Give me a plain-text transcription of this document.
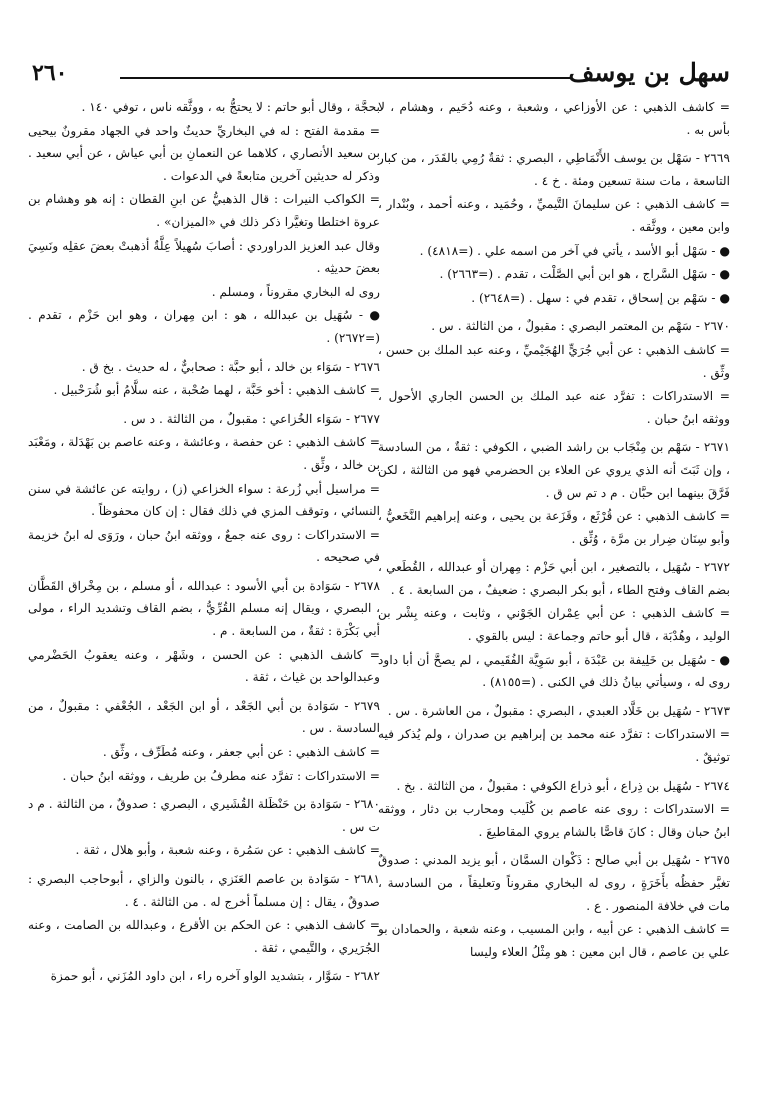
سهل بن يوسف
٢٦٠

= كاشف الذهبي : عن الأوزاعي ، وشعبة ، وعنه دُحَيم ، وهشام ، لا بأس به .

٢٦٦٩ - سَهْل بن يوسف الأَنْمَاطِي ، البصري : ثقةٌ رُمِي بالقَدَر ، من كبار التاسعة ، مات سنة تسعين ومئة . خ ٤ .

= كاشف الذهبي : عن سليمانَ التَّيميِّ ، وحُمَيد ، وعنه أحمد ، وبُنْدار ، وابن معين ، ووثَّقه .

● - سَهْل أبو الأسد ، يأتي في آخر من اسمه علي . (=٤٨١٨) .

● - سَهْل السَّراج ، هو ابن أبي الصَّلْت ، تقدم . (=٢٦٦٣) .

● - سَهْم بن إسحاق ، تقدم في : سهل . (=٢٦٤٨) .

٢٦٧٠ - سَهْم بن المعتمر البصري : مقبولٌ ، من الثالثة . س .

= كاشف الذهبي : عن أبي جُرَيٍّ الهُجَيْميِّ ، وعنه عبد الملك بن حسن ، وثِّق .

= الاستدراكات : تفرَّد عنه عبد الملك بن الحسن الجاري الأحول ، ووثقه ابنُ حبان .

٢٦٧١ - سَهْم بن مِنْجَاب بن راشد الضبي ، الكوفي : ثقةٌ ، من السادسة ، وإن ثَبَتَ أنه الذي يروي عن العلاء بن الحضرمي فهو من الثالثة ، لكن فَرَّقَ بينهما ابن حبَّان . م د تم س ق .

= كاشف الذهبي : عن قُرْثَع ، وقَزَعة بن يحيى ، وعنه إبراهيم النَّخَعيُّ ، وأبو سِنَان ضِرار بن مرَّة ، وُثِّق .

٢٦٧٢ - سُهَيل ، بالتصغير ، ابن أبي حَزْم : مِهران أو عبدالله ، القُطَعي ، بضم القاف وفتح الطاء ، أبو بكر البصري : ضعيفٌ ، من السابعة . ٤ .

= كاشف الذهبي : عن أبي عِمْران الجَوْني ، وثابت ، وعنه بِشْر بن الوليد ، وهُدْبَة ، قال أبو حاتم وجماعة : ليس بالقوي .

● - سُهَيل بن خَلِيفة بن عَبْدَة ، أبو سَوِيَّة الفُقَيمي ، لم يصحَّ أن أبا داود روى له ، وسيأتي بيانُ ذلك في الكنى . (=٨١٥٥) .

٢٦٧٣ - سُهَيل بن خَلَّاد العبدي ، البصري : مقبولٌ ، من العاشرة . س .

= الاستدراكات : تفرَّد عنه محمد بن إبراهيم بن صدران ، ولم يُذكر فيه توثيقٌ .

٢٦٧٤ - سُهَيل بن ذِراع ، أبو ذراع الكوفي : مقبولٌ ، من الثالثة . بخ .

= الاستدراكات : روى عنه عاصم بن كُلَيب ومحارب بن دثار ، ووثقه ابنُ حبان وقال : كانَ قاصًّا بالشام يروي المقاطيعَ .

٢٦٧٥ - سُهَيل بن أبي صالح : ذَكْوان السمَّان ، أبو يزيد المدني : صدوقٌ تغيَّر حفظُه بأَخَرَةٍ ، روى له البخاري مقروناً وتعليقاً ، من السادسة ، مات في خلافة المنصور . ع .

= كاشف الذهبي : عن أبيه ، وابن المسيب ، وعنه شعبة ، والحمادان بو علي بن عاصم ، قال ابن معين : هو مِثْلُ العلاء وليسا

بحجَّة ، وقال أبو حاتم : لا يحتجُّ به ، ووثَّقه ناس ، توفي ١٤٠ .

= مقدمة الفتح : له في البخاريِّ حديثٌ واحد في الجهاد مقرونٌ بيحيى بن سعيد الأنصاري ، كلاهما عن النعمانِ بن أبي عياش ، عن أبي سعيد . وذكر له حديثين آخرين متابعةً في الدعوات .

= الكواكب النيرات : قال الذهبيُّ عن ابنِ القطان : إنه هو وهشام بن عروة اختلطا وتغيَّرا ذكر ذلك في «الميزان» .

وقال عبد العزيز الدراوردي : أصابَ سُهيلاً عِلَّةٌ أذهبتْ بعضَ عقلِه ونَسِيَ بعضَ حديثِه .

روى له البخاري مقروناً ، ومسلم .

● - سُهَيل بن عبدالله ، هو : ابن مِهران ، وهو ابن حَزْم ، تقدم . (=٢٦٧٢) .

٢٦٧٦ - سَوَاء بن خالد ، أبو حبَّة : صحابيٌّ ، له حديث . بخ ق .

= كاشف الذهبي : أخو حَبَّة ، لهما صُحْبة ، عنه سلَّامُ أبو شُرَحْبيل .

٢٦٧٧ - سَوَاء الخُزاعي : مقبولٌ ، من الثالثة . د س .

= كاشف الذهبي : عن حفصة ، وعائشة ، وعنه عاصم بن بَهْدَلة ، ومَعْبَد بن خالد ، وثِّق .

= مراسيل أبي زُرعة : سواء الخزاعي (ز) ، روايته عن عائشة في سنن النسائي ، وتوقف المزي في ذلك فقال : إن كان محفوظاً .

= الاستدراكات : روى عنه جمعٌ ، ووثقه ابنُ حبان ، ورَوَى له ابنُ خزيمة في صحيحه .

٢٦٧٨ - سَوَادة بن أبي الأسود : عبدالله ، أو مسلم ، بن مِخْراق القَطَّان ، البصري ، ويقال إنه مسلم القُرِّيُّ ، بضم القاف وتشديد الراء ، مولى أبي بَكْرَة : ثقةٌ ، من السابعة . م .

= كاشف الذهبي : عن الحسن ، وشَهْر ، وعنه يعقوبُ الحَضْرمي وعبدالواحد بن غياث ، ثقة .

٢٦٧٩ - سَوَادة بن أبي الجَعْد ، أو ابن الجَعْد ، الجُعْفي : مقبولٌ ، من السادسة . س .

= كاشف الذهبي : عن أبي جعفر ، وعنه مُطَرِّف ، وثِّق .

= الاستدراكات : تفرَّد عنه مطرفُ بن طريف ، ووثقه ابنُ حبان .

٢٦٨٠ - سَوَادة بن حَنْظَلة القُشَيري ، البصري : صدوقٌ ، من الثالثة . م د ت س .

= كاشف الذهبي : عن سَمُرة ، وعنه شعبة ، وأبو هلال ، ثقة .

٢٦٨١ - سَوَادة بن عاصم العَنَزي ، بالنون والزاي ، أبوحاجب البصري : صدوقٌ ، يقال : إن مسلماً أخرج له . من الثالثة . ٤ .

= كاشف الذهبي : عن الحكم بن الأقرع ، وعبدالله بن الصامت ، وعنه الجُرَيري ، والتَّيمي ، ثقة .

٢٦٨٢ - سَوَّار ، بتشديد الواو آخره راء ، ابن داود المُزَني ، أبو حمزة
